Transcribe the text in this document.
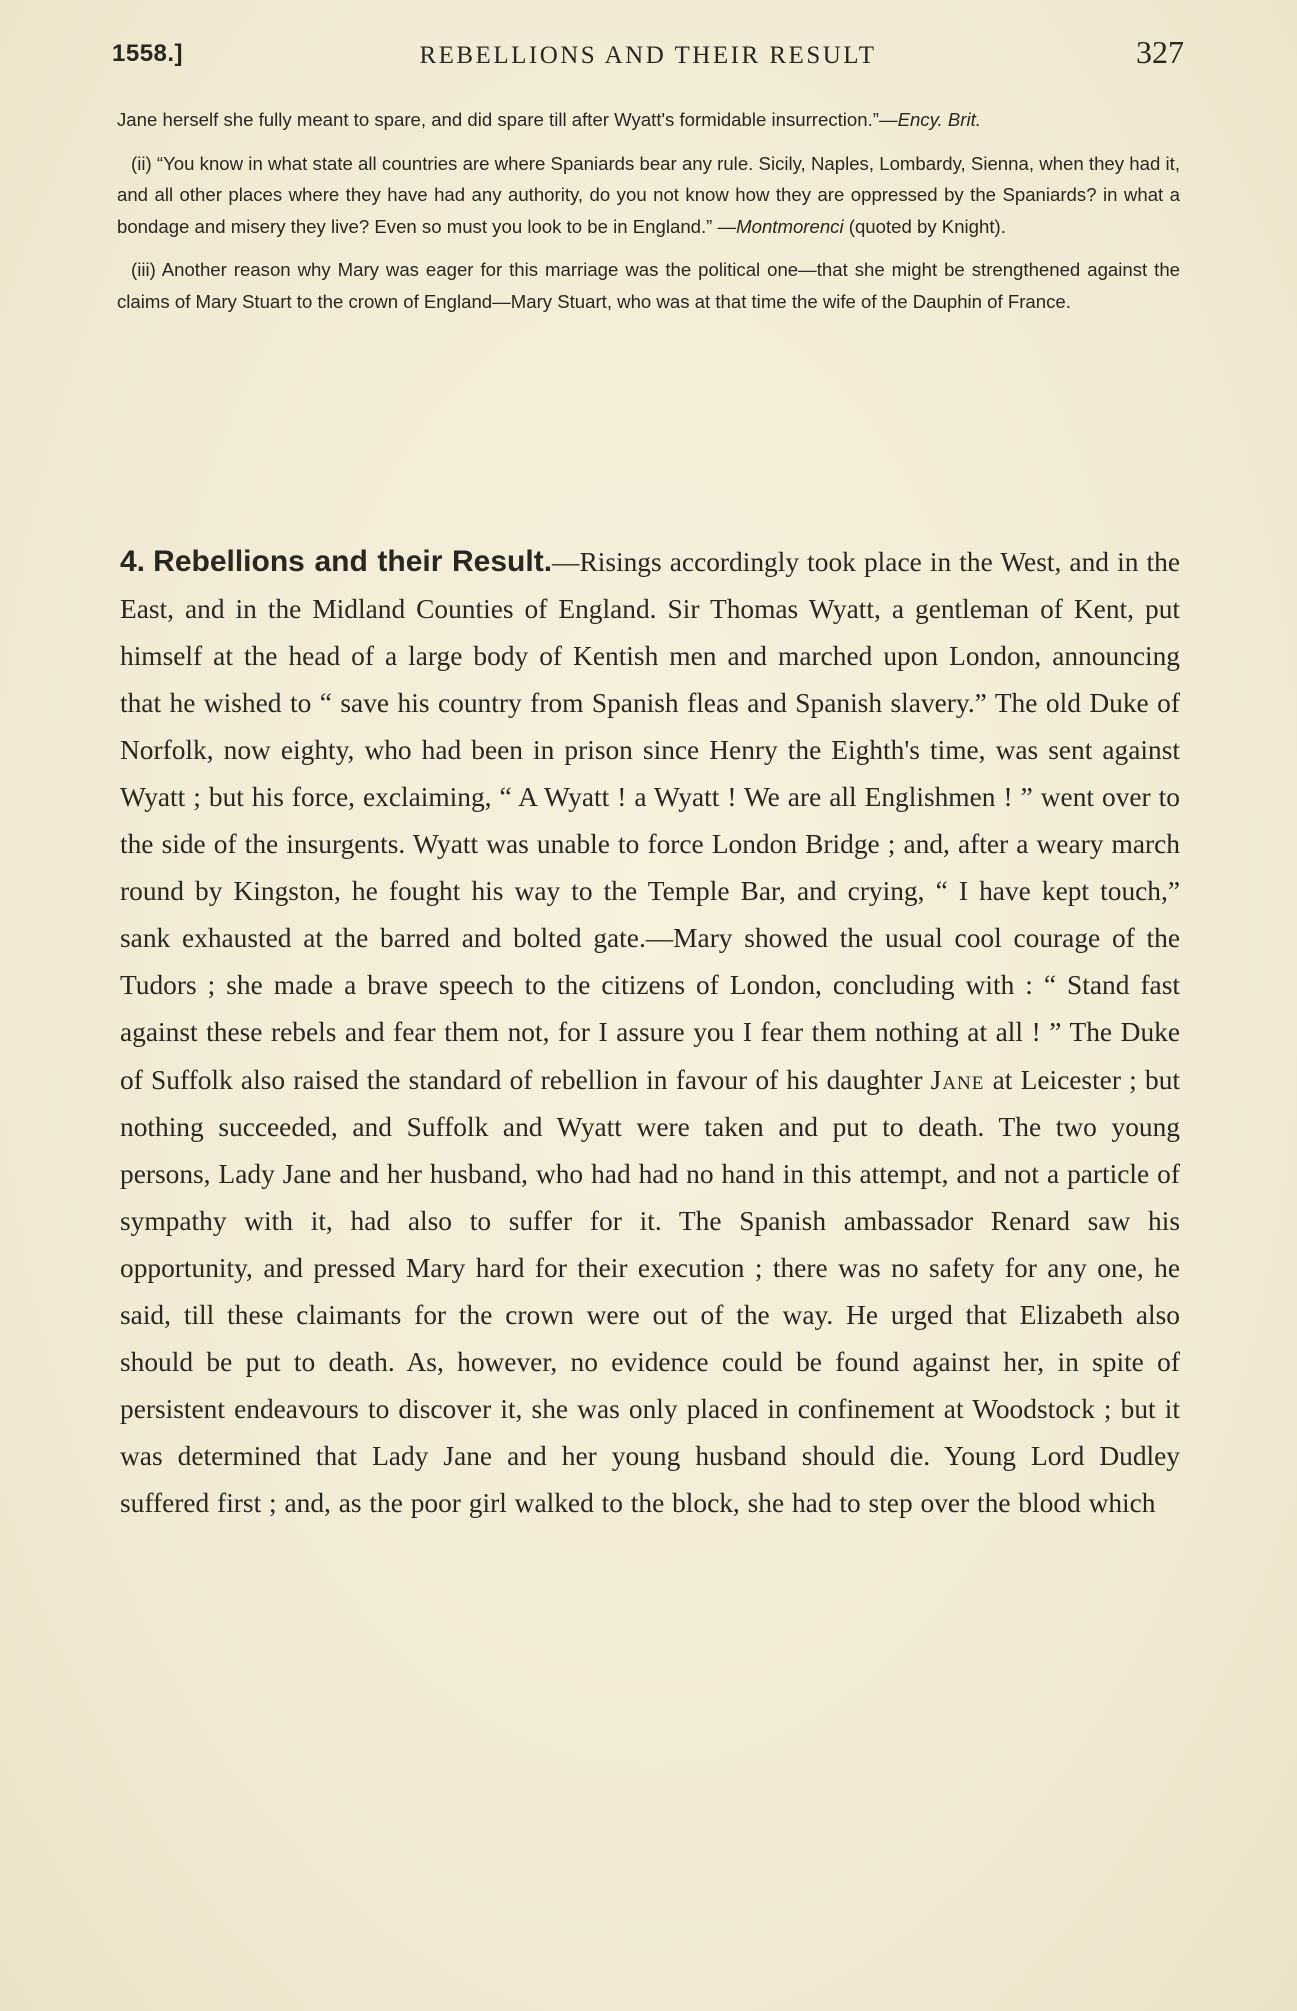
1558.]	REBELLIONS AND THEIR RESULT	327

Jane herself she fully meant to spare, and did spare till after Wyatt's formidable insurrection.”—Ency. Brit.

(ii) “You know in what state all countries are where Spaniards bear any rule. Sicily, Naples, Lombardy, Sienna, when they had it, and all other places where they have had any authority, do you not know how they are oppressed by the Spaniards? in what a bondage and misery they live? Even so must you look to be in England.” —Montmorenci (quoted by Knight).

(iii) Another reason why Mary was eager for this marriage was the political one—that she might be strengthened against the claims of Mary Stuart to the crown of England—Mary Stuart, who was at that time the wife of the Dauphin of France.

4. Rebellions and their Result.—Risings accordingly took place in the West, and in the East, and in the Midland Counties of England. Sir Thomas Wyatt, a gentleman of Kent, put himself at the head of a large body of Kentish men and marched upon London, announcing that he wished to “ save his country from Spanish fleas and Spanish slavery.” The old Duke of Norfolk, now eighty, who had been in prison since Henry the Eighth's time, was sent against Wyatt ; but his force, exclaiming, “ A Wyatt ! a Wyatt ! We are all Englishmen ! ” went over to the side of the insurgents. Wyatt was unable to force London Bridge ; and, after a weary march round by Kingston, he fought his way to the Temple Bar, and crying, “ I have kept touch,” sank exhausted at the barred and bolted gate.—Mary showed the usual cool courage of the Tudors ; she made a brave speech to the citizens of London, concluding with : “ Stand fast against these rebels and fear them not, for I assure you I fear them nothing at all ! ” The Duke of Suffolk also raised the standard of rebellion in favour of his daughter Jane at Leicester ; but nothing succeeded, and Suffolk and Wyatt were taken and put to death. The two young persons, Lady Jane and her husband, who had had no hand in this attempt, and not a particle of sympathy with it, had also to suffer for it. The Spanish ambassador Renard saw his opportunity, and pressed Mary hard for their execution ; there was no safety for any one, he said, till these claimants for the crown were out of the way. He urged that Elizabeth also should be put to death. As, however, no evidence could be found against her, in spite of persistent endeavours to discover it, she was only placed in confinement at Woodstock ; but it was determined that Lady Jane and her young husband should die. Young Lord Dudley suffered first ; and, as the poor girl walked to the block, she had to step over the blood which
